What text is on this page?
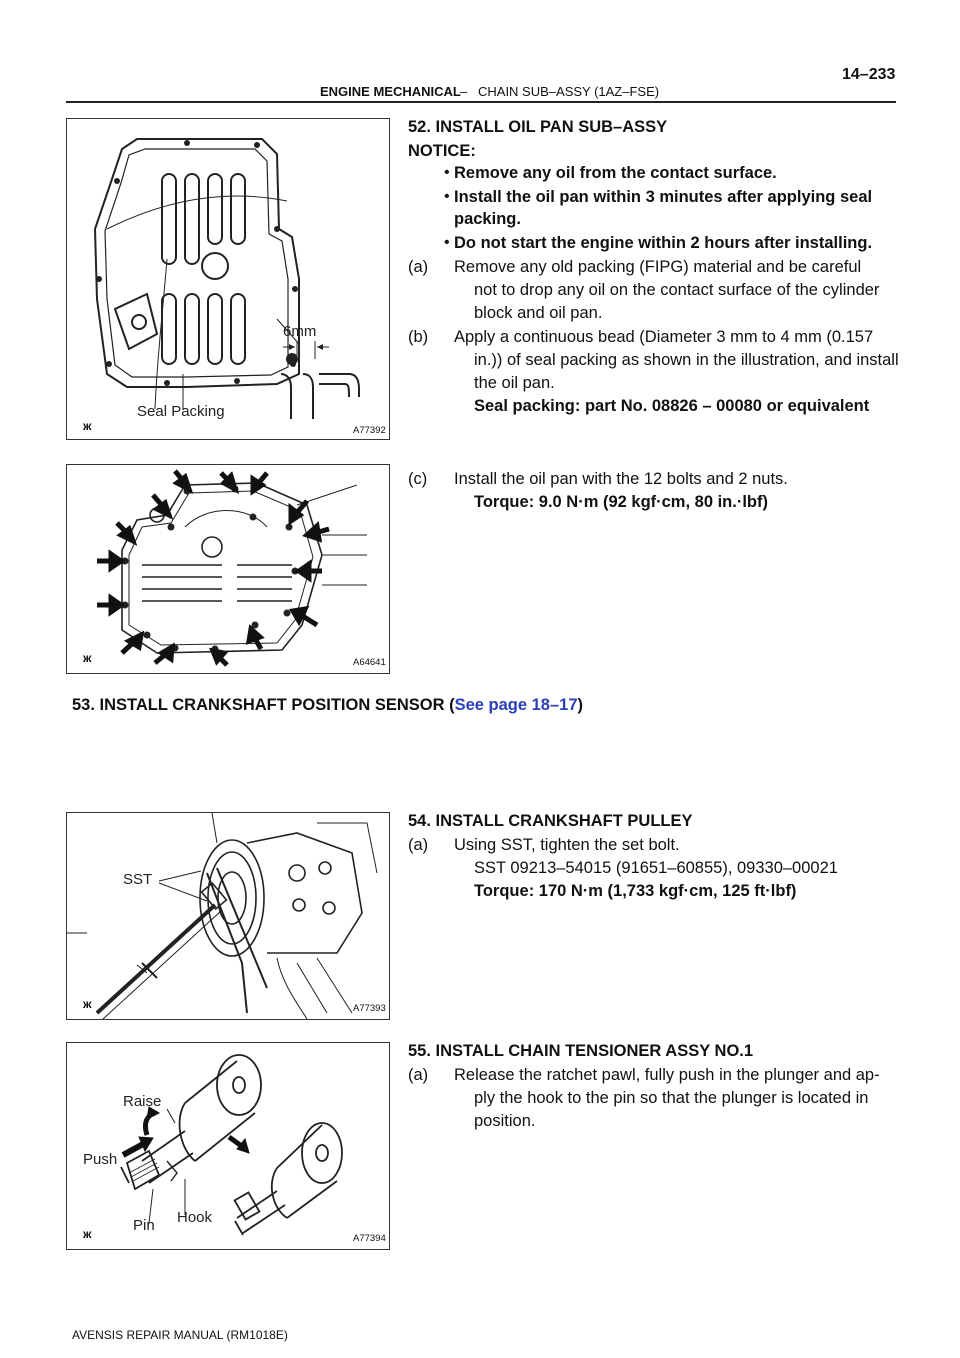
14–233
ENGINE MECHANICAL – CHAIN SUB–ASSY (1AZ–FSE)
6mm
Seal Packing
ж	A77392
ж	A64641
SST
ж	A77393
Raise
Push
Pin Hook
ж	A77394
52. INSTALL OIL PAN SUB–ASSY
NOTICE:
• Remove any oil from the contact surface.
• Install the oil pan within 3 minutes after applying seal
packing.
• Do not start the engine within 2 hours after installing.
(a) Remove any old packing (FIPG) material and be careful
not to drop any oil on the contact surface of the cylinder
block and oil pan.
(b) Apply a continuous bead (Diameter 3 mm to 4 mm (0.157
in.)) of seal packing as shown in the illustration, and install
the oil pan.
Seal packing: part No. 08826 – 00080 or equivalent
(c) Install the oil pan with the 12 bolts and 2 nuts.
Torque: 9.0 N·m (92 kgf·cm, 80 in.·lbf)
53. INSTALL CRANKSHAFT POSITION SENSOR (See page 18–17)
54. INSTALL CRANKSHAFT PULLEY
(a) Using SST, tighten the set bolt.
SST 09213–54015 (91651–60855), 09330–00021
Torque: 170 N·m (1,733 kgf·cm, 125 ft·lbf)
55. INSTALL CHAIN TENSIONER ASSY NO.1
(a) Release the ratchet pawl, fully push in the plunger and ap-
ply the hook to the pin so that the plunger is located in
position.
AVENSIS REPAIR MANUAL (RM1018E)
